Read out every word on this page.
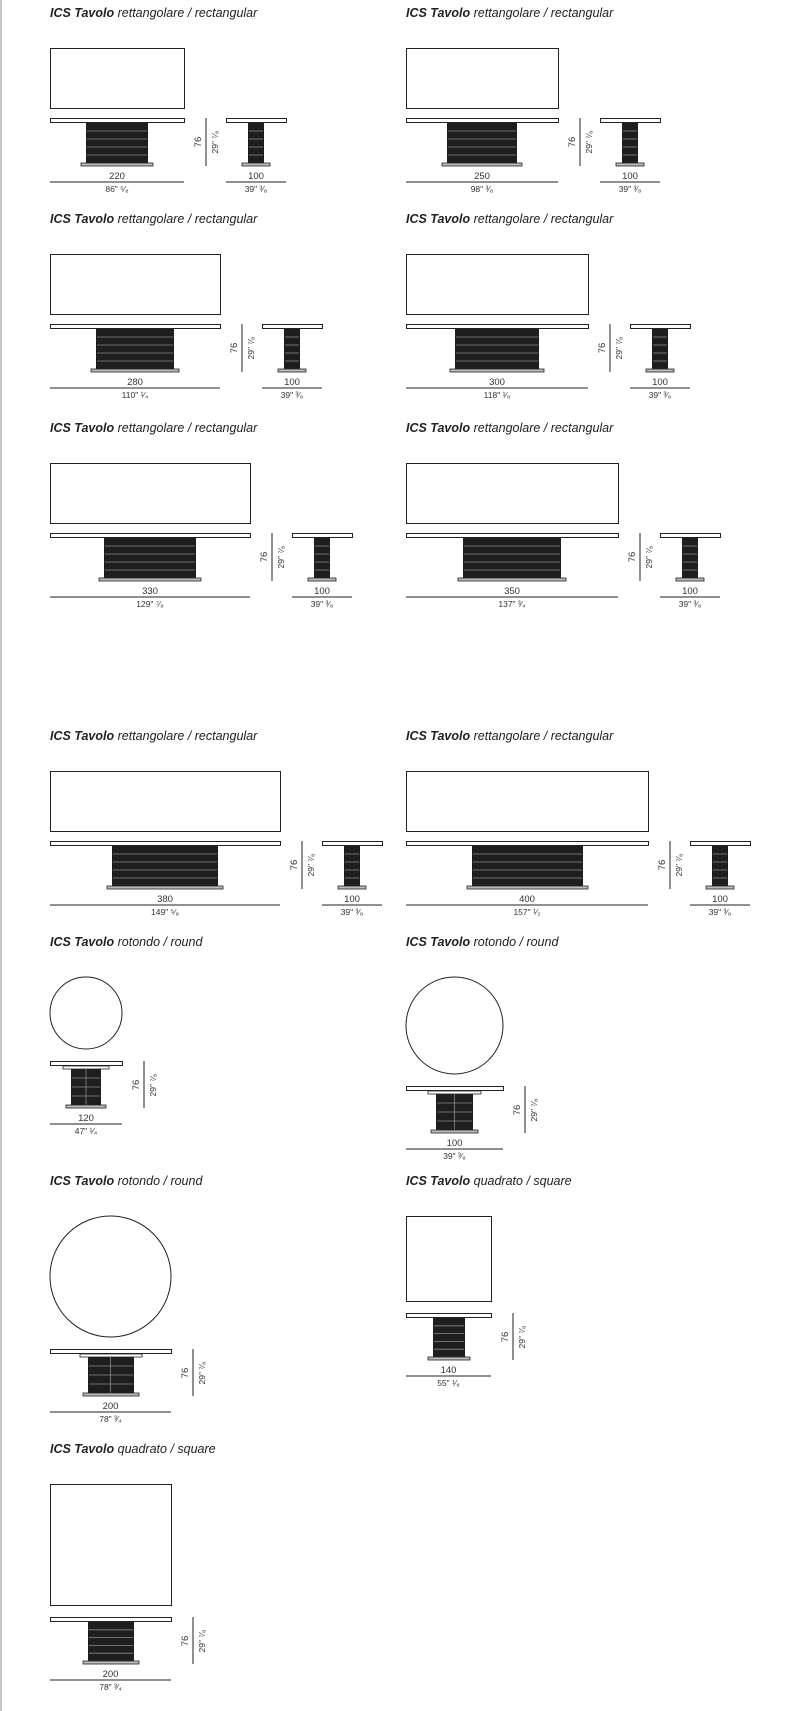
ICS Tavolo rettangolare / rectangular
76 29" ⁷⁄₈
220
86" ⁵⁄₈
100
39" ³⁄₈
ICS Tavolo rettangolare / rectangular
76 29" ⁷⁄₈
250
98" ³⁄₈
100
39" ³⁄₈
ICS Tavolo rettangolare / rectangular
76 29" ⁷⁄₈
280
110" ¹⁄₄
100
39" ³⁄₈
ICS Tavolo rettangolare / rectangular
76 29" ⁷⁄₈
300
118" ¹⁄₈
100
39" ³⁄₈
ICS Tavolo rettangolare / rectangular
76 29" ⁷⁄₈
330
129" ⁷⁄₈
100
39" ³⁄₈
ICS Tavolo rettangolare / rectangular
76 29" ⁷⁄₈
350
137" ³⁄₄
100
39" ³⁄₈
ICS Tavolo rettangolare / rectangular
76 29" ⁷⁄₈
380
149" ⁵⁄₈
100
39" ³⁄₈
ICS Tavolo rettangolare / rectangular
76 29" ⁷⁄₈
400
157" ¹⁄₂
100
39" ³⁄₈
ICS Tavolo rotondo / round
76 29" ⁷⁄₈
120
47" ¹⁄₄
ICS Tavolo rotondo / round
76 29" ⁷⁄₈
100
39" ³⁄₈
ICS Tavolo rotondo / round
76 29" ⁷⁄₈
200
78" ³⁄₄
ICS Tavolo quadrato / square
76 29" ⁷⁄₈
140
55" ¹⁄₈
ICS Tavolo quadrato / square
76 29" ⁷⁄₈
200
78" ³⁄₄
